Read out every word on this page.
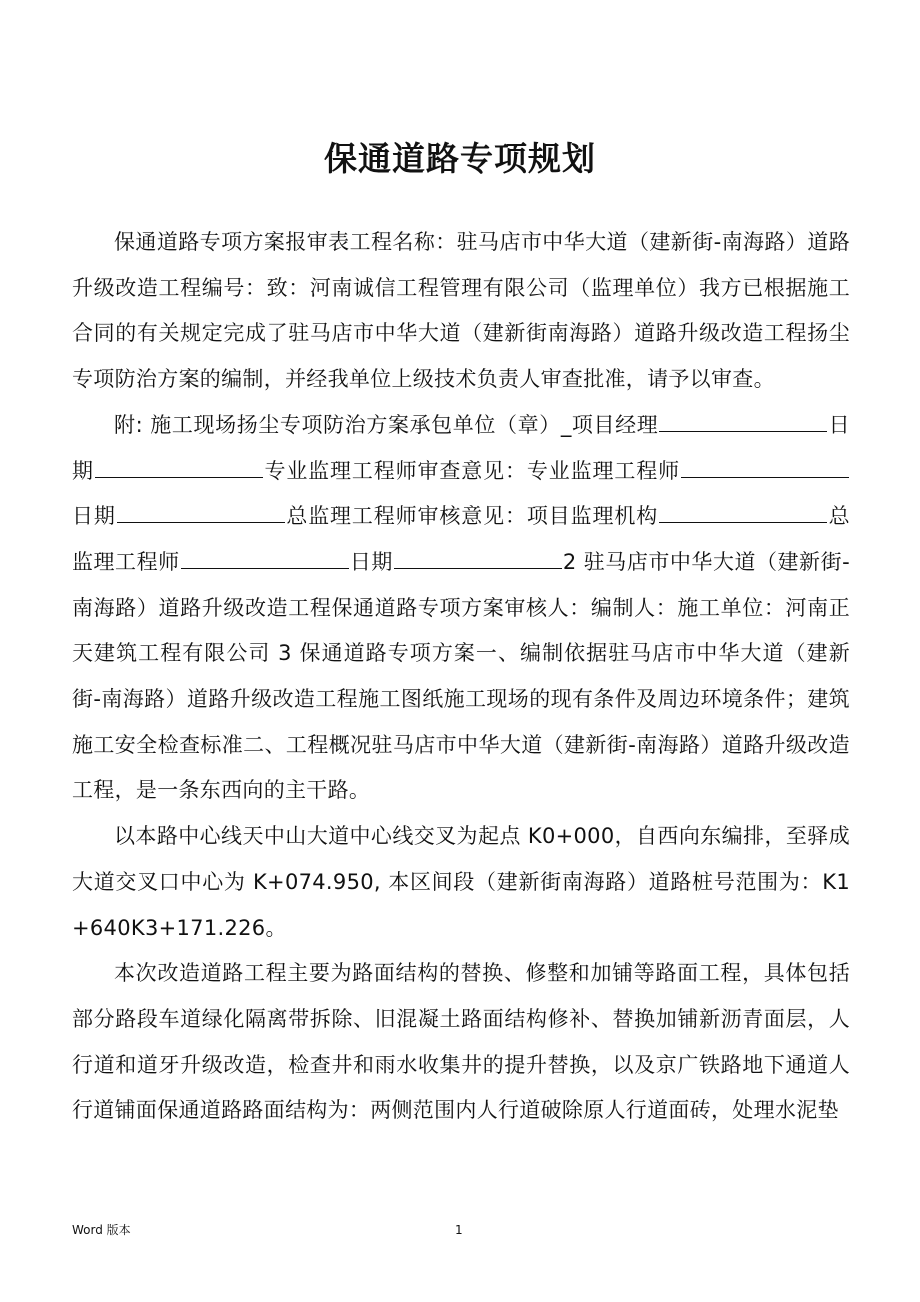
保通道路专项规划

保通道路专项方案报审表工程名称：驻马店市中华大道（建新街-南海路）道路升级改造工程编号：致：河南诚信工程管理有限公司（监理单位）我方已根据施工合同的有关规定完成了驻马店市中华大道（建新街南海路）道路升级改造工程扬尘专项防治方案的编制，并经我单位上级技术负责人审查批准，请予以审查。

附: 施工现场扬尘专项防治方案承包单位（章）_项目经理	日期	专业监理工程师审查意见：专业监理工程师日期	总监理工程师审核意见：项目监理机构	总监理工程师	日期	2 驻马店市中华大道（建新街-南海路）道路升级改造工程保通道路专项方案审核人：编制人：施工单位：河南正天建筑工程有限公司 3 保通道路专项方案一、编制依据驻马店市中华大道（建新街-南海路）道路升级改造工程施工图纸施工现场的现有条件及周边环境条件；建筑施工安全检查标准二、工程概况驻马店市中华大道（建新街-南海路）道路升级改造工程，是一条东西向的主干路。

以本路中心线天中山大道中心线交叉为起点 K0+000，自西向东编排，至驿成大道交叉口中心为 K+074.950, 本区间段（建新街南海路）道路桩号范围为：K1+640K3+171.226。

本次改造道路工程主要为路面结构的替换、修整和加铺等路面工程，具体包括部分路段车道绿化隔离带拆除、旧混凝土路面结构修补、替换加铺新沥青面层，人行道和道牙升级改造，检查井和雨水收集井的提升替换，以及京广铁路地下通道人行道铺面保通道路路面结构为：两侧范围内人行道破除原人行道面砖，处理水泥垫

Word 版本	1
